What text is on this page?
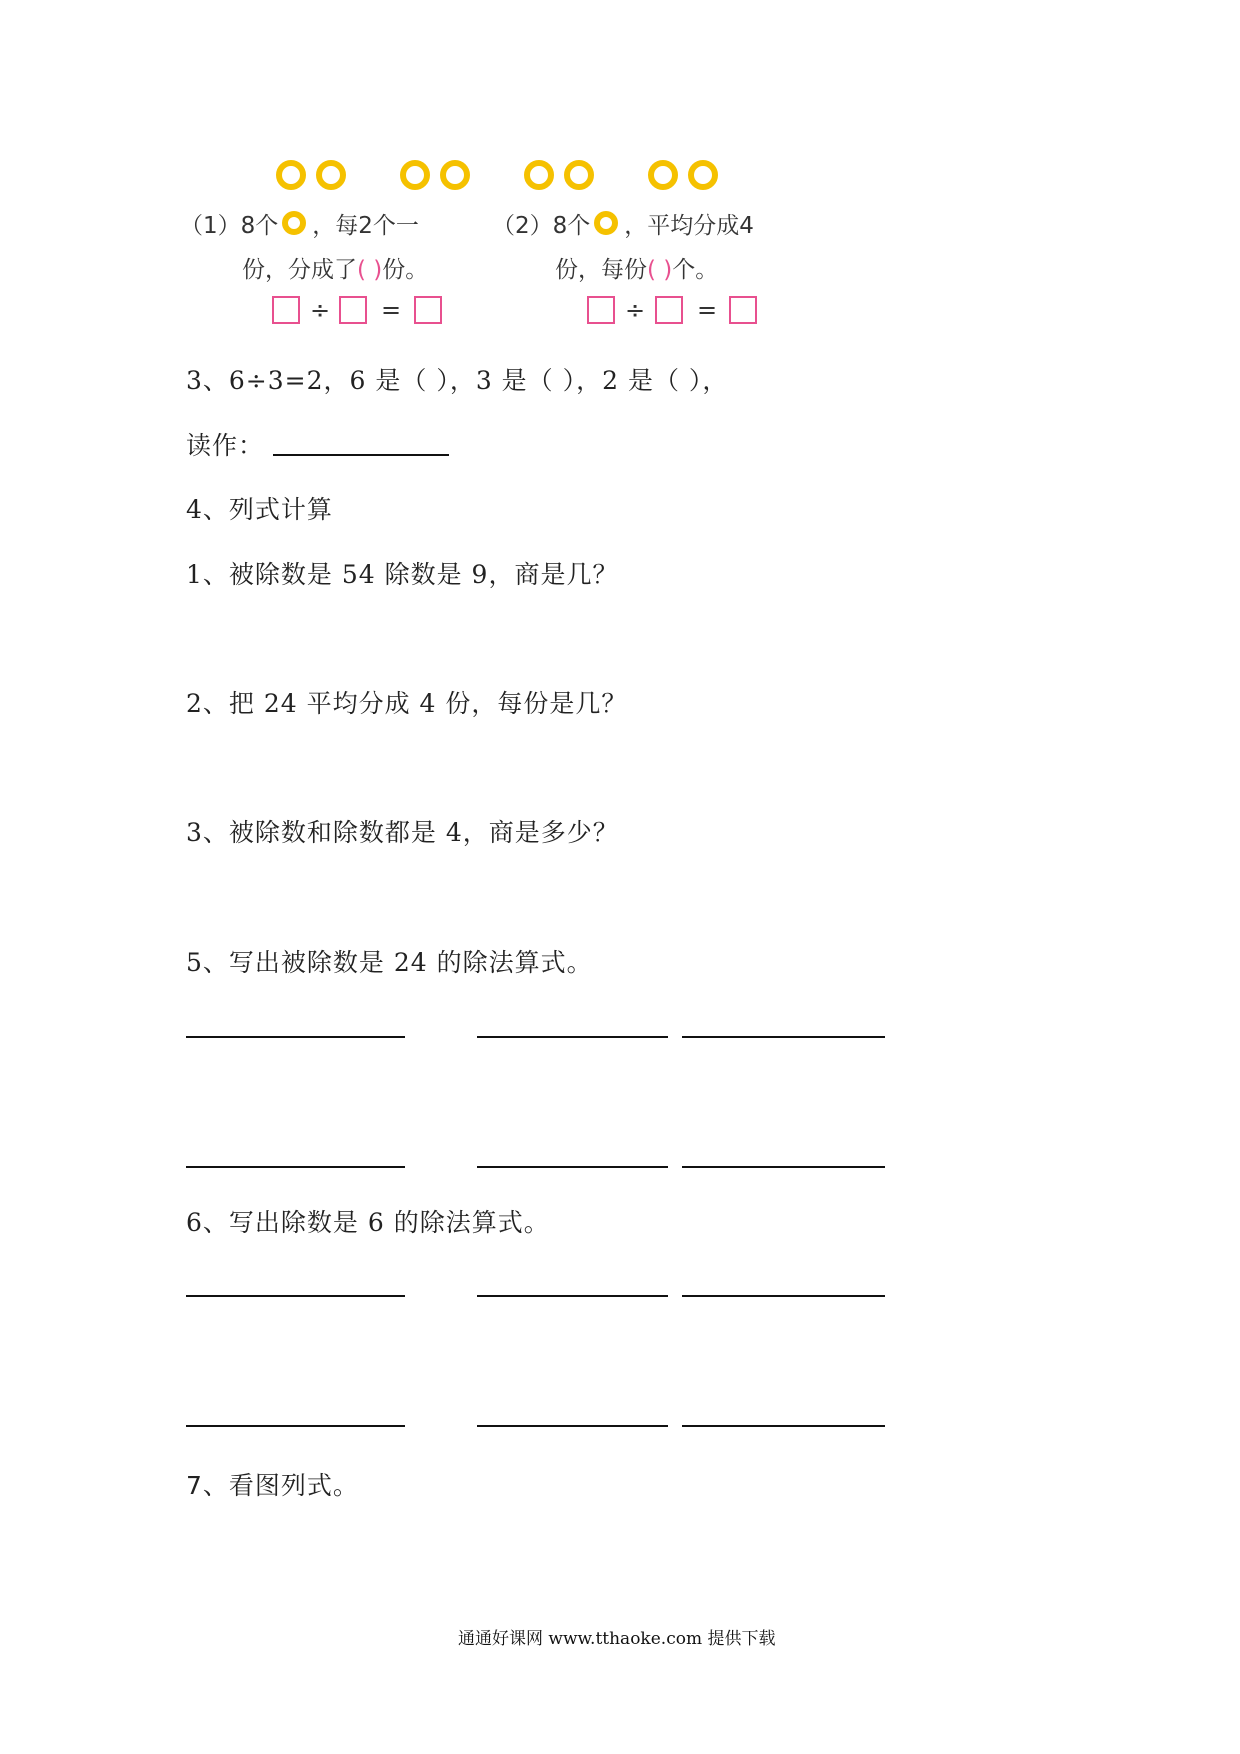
（1）8个 ，每2个一
份，分成了( )份。
（2）8个 ，平均分成4
份，每份( )个。
÷ =	÷ =
3、6÷3=2，6 是（ ），3 是（ ），2 是（ ），
读作：
4、列式计算
1、被除数是 54 除数是 9，商是几？
2、把 24 平均分成 4 份，每份是几？
3、被除数和除数都是 4，商是多少？
5、写出被除数是 24 的除法算式。
6、写出除数是 6 的除法算式。
7、看图列式。
通通好课网 www.tthaoke.com 提供下载
